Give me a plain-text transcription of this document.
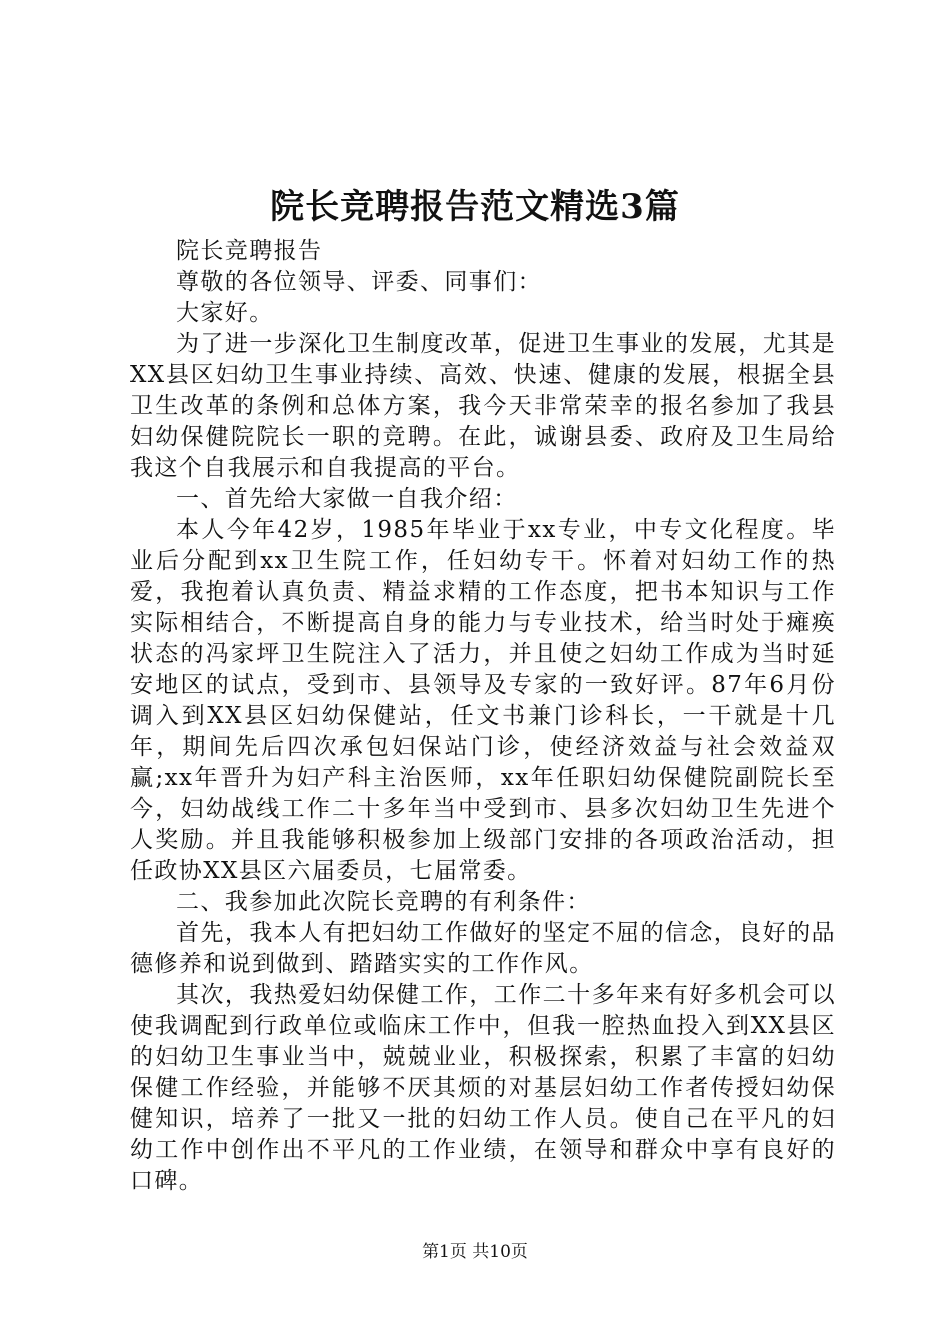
院长竞聘报告范文精选3篇

院长竞聘报告

尊敬的各位领导、评委、同事们：

大家好。

为了进一步深化卫生制度改革，促进卫生事业的发展，尤其是XX县区妇幼卫生事业持续、高效、快速、健康的发展，根据全县卫生改革的条例和总体方案，我今天非常荣幸的报名参加了我县妇幼保健院院长一职的竞聘。在此，诚谢县委、政府及卫生局给我这个自我展示和自我提高的平台。

一、首先给大家做一自我介绍：

本人今年42岁，1985年毕业于xx专业，中专文化程度。毕业后分配到xx卫生院工作，任妇幼专干。怀着对妇幼工作的热爱，我抱着认真负责、精益求精的工作态度，把书本知识与工作实际相结合，不断提高自身的能力与专业技术，给当时处于瘫痪状态的冯家坪卫生院注入了活力，并且使之妇幼工作成为当时延安地区的试点，受到市、县领导及专家的一致好评。87年6月份调入到XX县区妇幼保健站，任文书兼门诊科长，一干就是十几年，期间先后四次承包妇保站门诊，使经济效益与社会效益双赢;xx年晋升为妇产科主治医师，xx年任职妇幼保健院副院长至今，妇幼战线工作二十多年当中受到市、县多次妇幼卫生先进个人奖励。并且我能够积极参加上级部门安排的各项政治活动，担任政协XX县区六届委员，七届常委。

二、我参加此次院长竞聘的有利条件：

首先，我本人有把妇幼工作做好的坚定不屈的信念，良好的品德修养和说到做到、踏踏实实的工作作风。

其次，我热爱妇幼保健工作，工作二十多年来有好多机会可以使我调配到行政单位或临床工作中，但我一腔热血投入到XX县区的妇幼卫生事业当中，兢兢业业，积极探索，积累了丰富的妇幼保健工作经验，并能够不厌其烦的对基层妇幼工作者传授妇幼保健知识，培养了一批又一批的妇幼工作人员。使自己在平凡的妇幼工作中创作出不平凡的工作业绩，在领导和群众中享有良好的口碑。

第1页 共10页
